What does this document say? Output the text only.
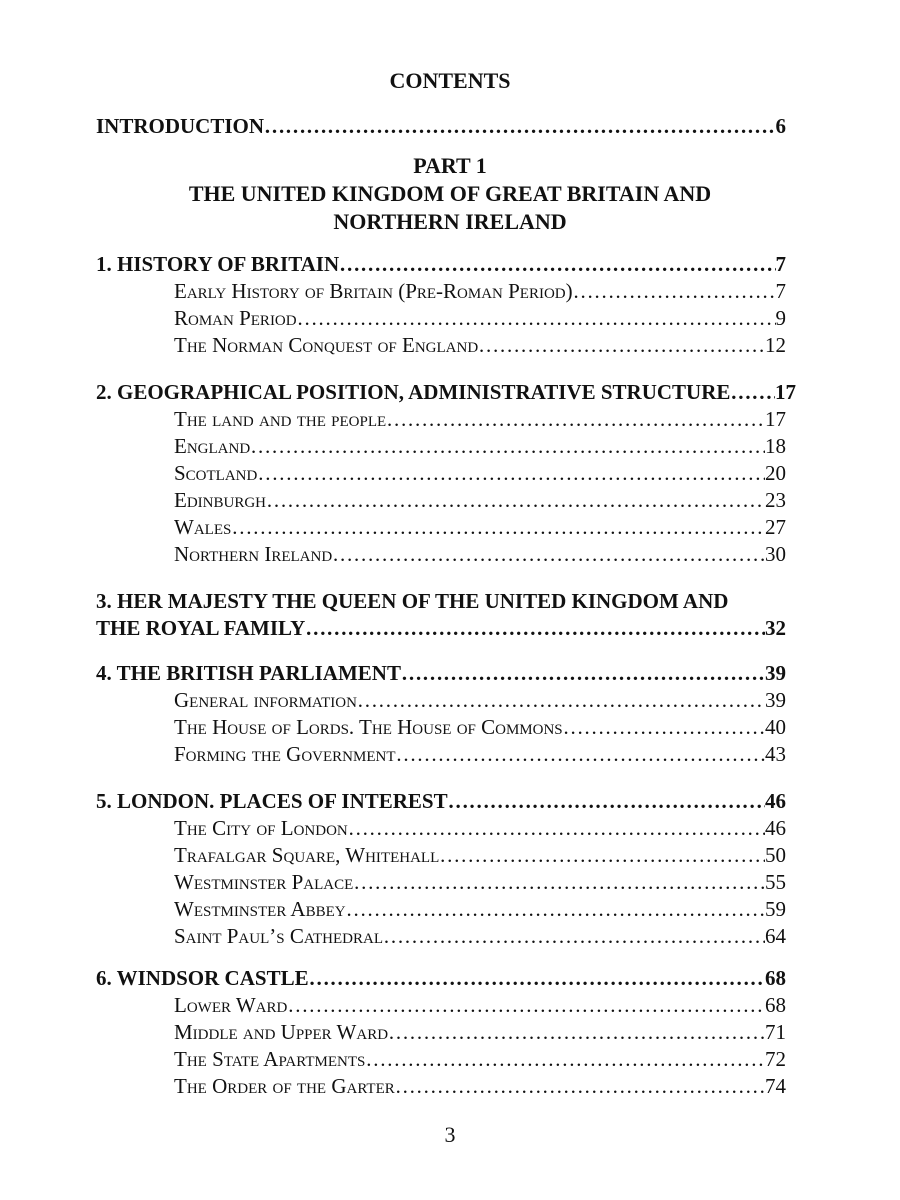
CONTENTS
INTRODUCTION ………………………………………………………………………………………………………………………………………………………………	6
PART 1
THE UNITED KINGDOM OF GREAT BRITAIN AND
NORTHERN IRELAND
1. HISTORY OF BRITAIN ………………………………………………………………………………………………………………………………………………………………	7
Early History of Britain (Pre-Roman Period) ………………………………………………………………………………………………………………………………………………………………	7
Roman Period ………………………………………………………………………………………………………………………………………………………………	9
The Norman Conquest of England ………………………………………………………………………………………………………………………………………………………………	12
2. GEOGRAPHICAL POSITION, ADMINISTRATIVE STRUCTURE ……………………………………………………………………………………………………………………………………………………………… 17
The land and the people ………………………………………………………………………………………………………………………………………………………………	17
England ………………………………………………………………………………………………………………………………………………………………	18
Scotland ………………………………………………………………………………………………………………………………………………………………	20
Edinburgh ………………………………………………………………………………………………………………………………………………………………	23
Wales ………………………………………………………………………………………………………………………………………………………………	27
Northern Ireland ………………………………………………………………………………………………………………………………………………………………	30
3. HER MAJESTY THE QUEEN OF THE UNITED KINGDOM AND
THE ROYAL FAMILY ………………………………………………………………………………………………………………………………………………………………	32
4. THE BRITISH PARLIAMENT ………………………………………………………………………………………………………………………………………………………………	39
General information ………………………………………………………………………………………………………………………………………………………………	39
The House of Lords. The House of Commons ………………………………………………………………………………………………………………………………………………………………	40
Forming the Government ………………………………………………………………………………………………………………………………………………………………	43
5. LONDON. PLACES OF INTEREST ………………………………………………………………………………………………………………………………………………………………	46
The City of London ………………………………………………………………………………………………………………………………………………………………	46
Trafalgar Square, Whitehall ………………………………………………………………………………………………………………………………………………………………	50
Westminster Palace ………………………………………………………………………………………………………………………………………………………………	55
Westminster Abbey ………………………………………………………………………………………………………………………………………………………………	59
Saint Paul’s Cathedral ………………………………………………………………………………………………………………………………………………………………	64
6. WINDSOR CASTLE ………………………………………………………………………………………………………………………………………………………………	68
Lower Ward ………………………………………………………………………………………………………………………………………………………………	68
Middle and Upper Ward ………………………………………………………………………………………………………………………………………………………………	71
The State Apartments ………………………………………………………………………………………………………………………………………………………………	72
The Order of the Garter ………………………………………………………………………………………………………………………………………………………………	74
3
